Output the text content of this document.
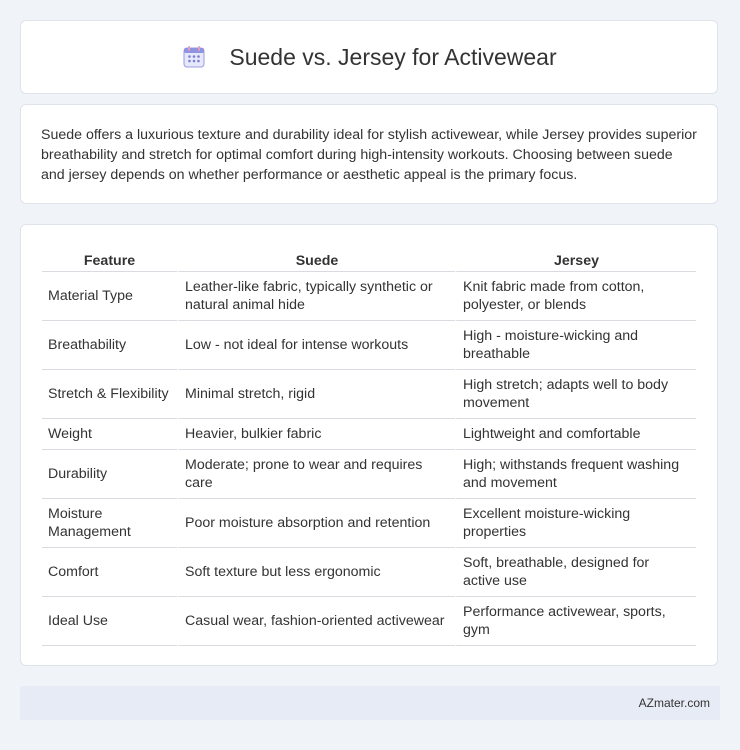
Suede vs. Jersey for Activewear
Suede offers a luxurious texture and durability ideal for stylish activewear, while Jersey provides superior breathability and stretch for optimal comfort during high-intensity workouts. Choosing between suede and jersey depends on whether performance or aesthetic appeal is the primary focus.
Feature	Suede	Jersey
Material Type	Leather-like fabric, typically synthetic or natural animal hide	Knit fabric made from cotton, polyester, or blends
Breathability	Low - not ideal for intense workouts	High - moisture-wicking and breathable
Stretch & Flexibility	Minimal stretch, rigid	High stretch; adapts well to body movement
Weight	Heavier, bulkier fabric	Lightweight and comfortable
Durability	Moderate; prone to wear and requires care	High; withstands frequent washing and movement
Moisture Management	Poor moisture absorption and retention	Excellent moisture-wicking properties
Comfort	Soft texture but less ergonomic	Soft, breathable, designed for active use
Ideal Use	Casual wear, fashion-oriented activewear	Performance activewear, sports, gym
AZmater.com
